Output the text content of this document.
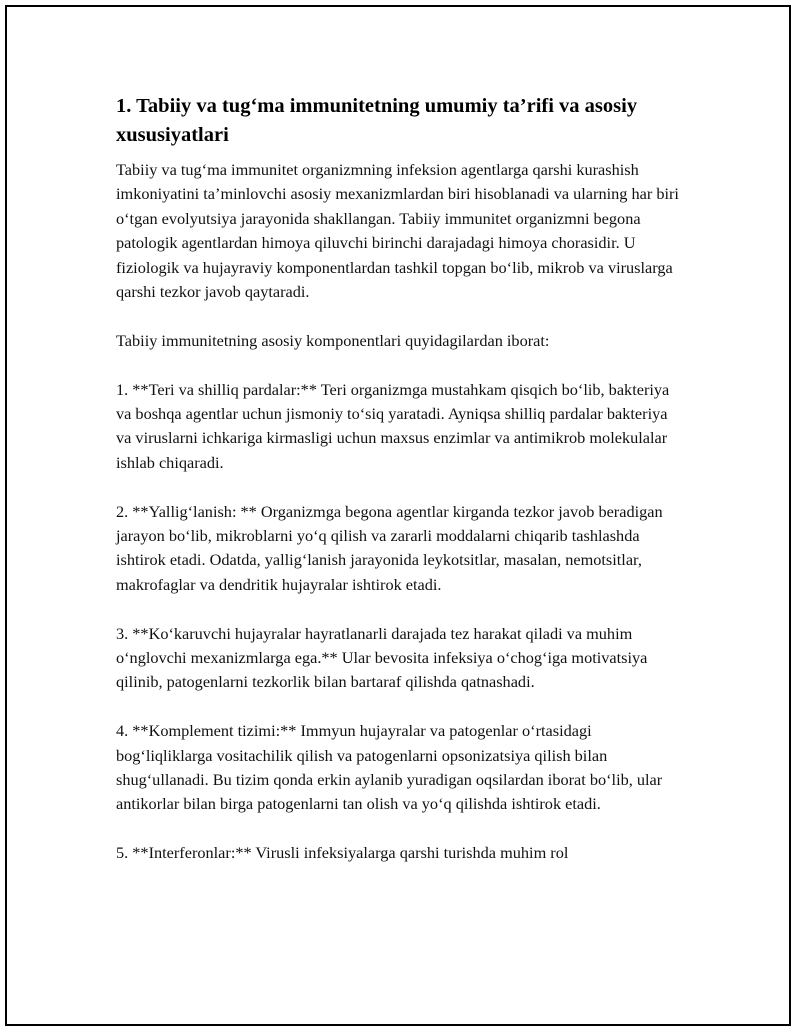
1. Tabiiy va tug‘ma immunitetning umumiy ta’rifi va asosiy xususiyatlari

Tabiiy va tug‘ma immunitet organizmning infeksion agentlarga qarshi kurashish imkoniyatini ta’minlovchi asosiy mexanizmlardan biri hisoblanadi va ularning har biri o‘tgan evolyutsiya jarayonida shakllangan. Tabiiy immunitet organizmni begona patologik agentlardan himoya qiluvchi birinchi darajadagi himoya chorasidir. U fiziologik va hujayraviy komponentlardan tashkil topgan bo‘lib, mikrob va viruslarga qarshi tezkor javob qaytaradi.

Tabiiy immunitetning asosiy komponentlari quyidagilardan iborat:

1. **Teri va shilliq pardalar:** Teri organizmga mustahkam qisqich bo‘lib, bakteriya va boshqa agentlar uchun jismoniy to‘siq yaratadi. Ayniqsa shilliq pardalar bakteriya va viruslarni ichkariga kirmasligi uchun maxsus enzimlar va antimikrob molekulalar ishlab chiqaradi.

2. **Yallig‘lanish: ** Organizmga begona agentlar kirganda tezkor javob beradigan jarayon bo‘lib, mikroblarni yo‘q qilish va zararli moddalarni chiqarib tashlashda ishtirok etadi. Odatda, yallig‘lanish jarayonida leykotsitlar, masalan, nemotsitlar, makrofaglar va dendritik hujayralar ishtirok etadi.

3. **Ko‘karuvchi hujayralar hayratlanarli darajada tez harakat qiladi va muhim o‘nglovchi mexanizmlarga ega.** Ular bevosita infeksiya o‘chog‘iga motivatsiya qilinib, patogenlarni tezkorlik bilan bartaraf qilishda qatnashadi.

4. **Komplement tizimi:** Immyun hujayralar va patogenlar o‘rtasidagi bog‘liqliklarga vositachilik qilish va patogenlarni opsonizatsiya qilish bilan shug‘ullanadi. Bu tizim qonda erkin aylanib yuradigan oqsilardan iborat bo‘lib, ular antikorlar bilan birga patogenlarni tan olish va yo‘q qilishda ishtirok etadi.

5. **Interferonlar:** Virusli infeksiyalarga qarshi turishda muhim rol
